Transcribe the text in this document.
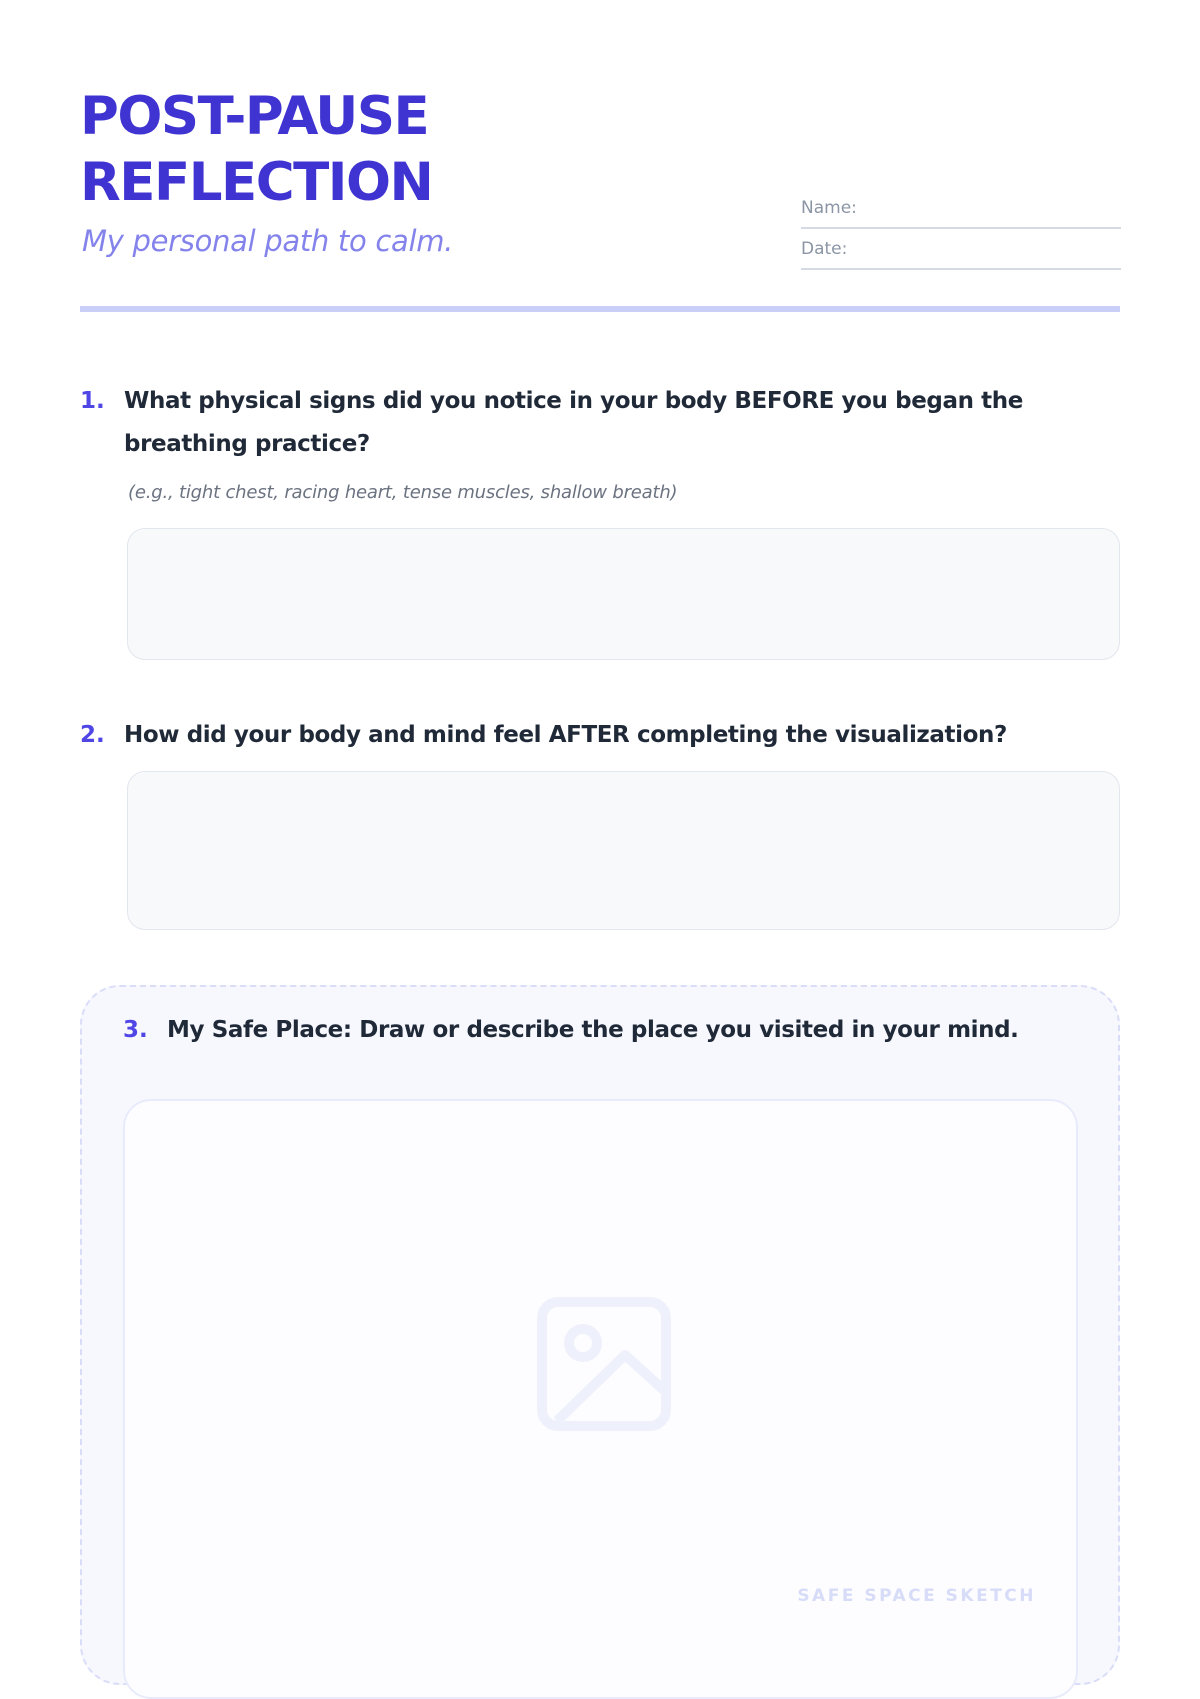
POST-PAUSE
REFLECTION
My personal path to calm.
Name:
Date:
1. What physical signs did you notice in your body BEFORE you began the breathing practice?
(e.g., tight chest, racing heart, tense muscles, shallow breath)
2. How did your body and mind feel AFTER completing the visualization?
3. My Safe Place: Draw or describe the place you visited in your mind.
SAFE SPACE SKETCH
